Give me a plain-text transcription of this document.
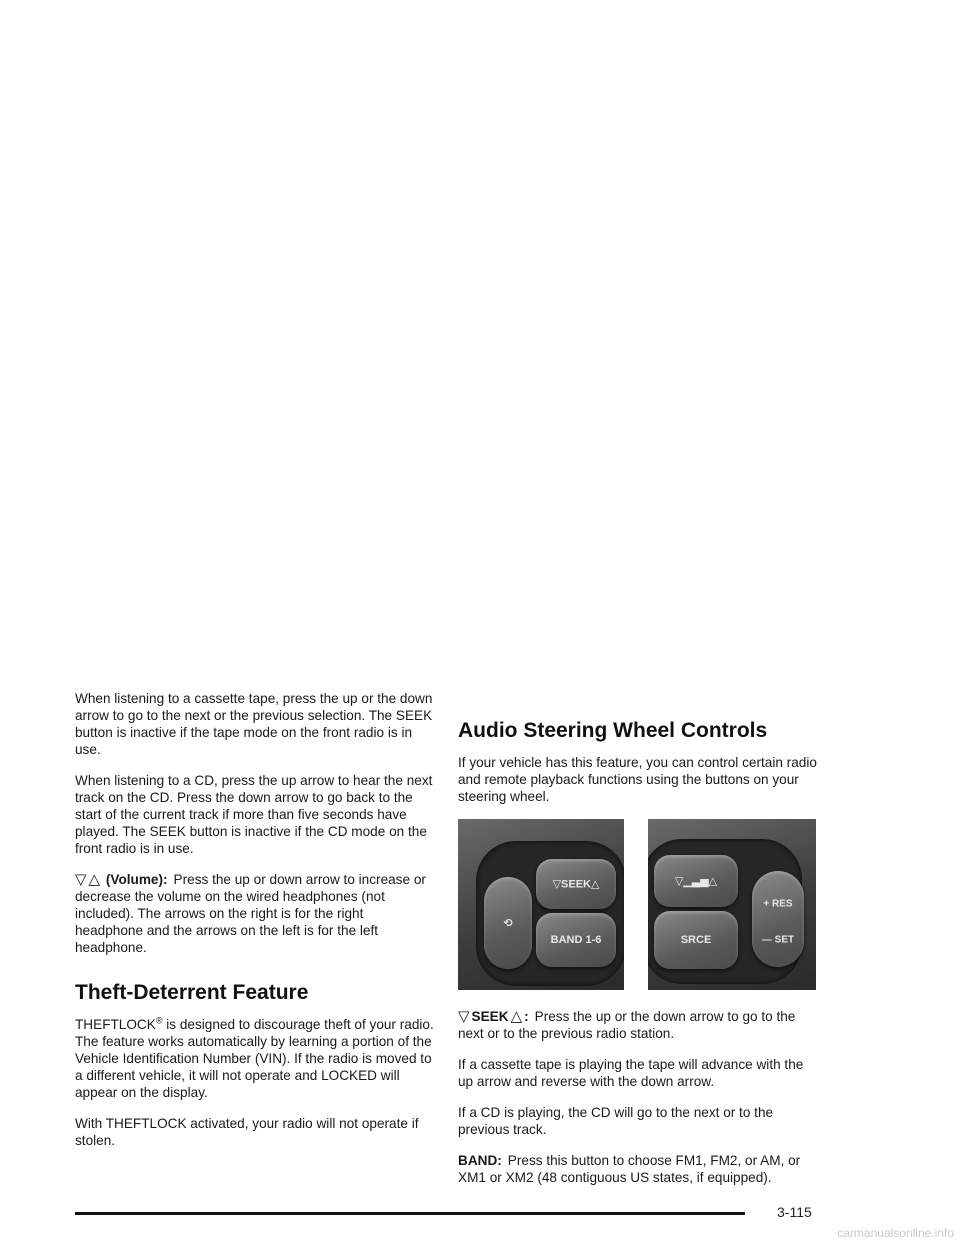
When listening to a cassette tape, press the up or the down arrow to go to the next or the previous selection. The SEEK button is inactive if the tape mode on the front radio is in use.

When listening to a CD, press the up arrow to hear the next track on the CD. Press the down arrow to go back to the start of the current track if more than five seconds have played. The SEEK button is inactive if the CD mode on the front radio is in use.

▽ △ (Volume): Press the up or down arrow to increase or decrease the volume on the wired headphones (not included). The arrows on the right is for the right headphone and the arrows on the left is for the left headphone.

Theft-Deterrent Feature

THEFTLOCK® is designed to discourage theft of your radio. The feature works automatically by learning a portion of the Vehicle Identification Number (VIN). If the radio is moved to a different vehicle, it will not operate and LOCKED will appear on the display.

With THEFTLOCK activated, your radio will not operate if stolen.

Audio Steering Wheel Controls

If your vehicle has this feature, you can control certain radio and remote playback functions using the buttons on your steering wheel.

⟲
▽SEEK△
BAND 1-6
▽▁▃▅△
SRCE
+ RES
— SET

▽ SEEK △ : Press the up or the down arrow to go to the next or to the previous radio station.

If a cassette tape is playing the tape will advance with the up arrow and reverse with the down arrow.

If a CD is playing, the CD will go to the next or to the previous track.

BAND: Press this button to choose FM1, FM2, or AM, or XM1 or XM2 (48 contiguous US states, if equipped).

3-115
carmanualsonline.info
